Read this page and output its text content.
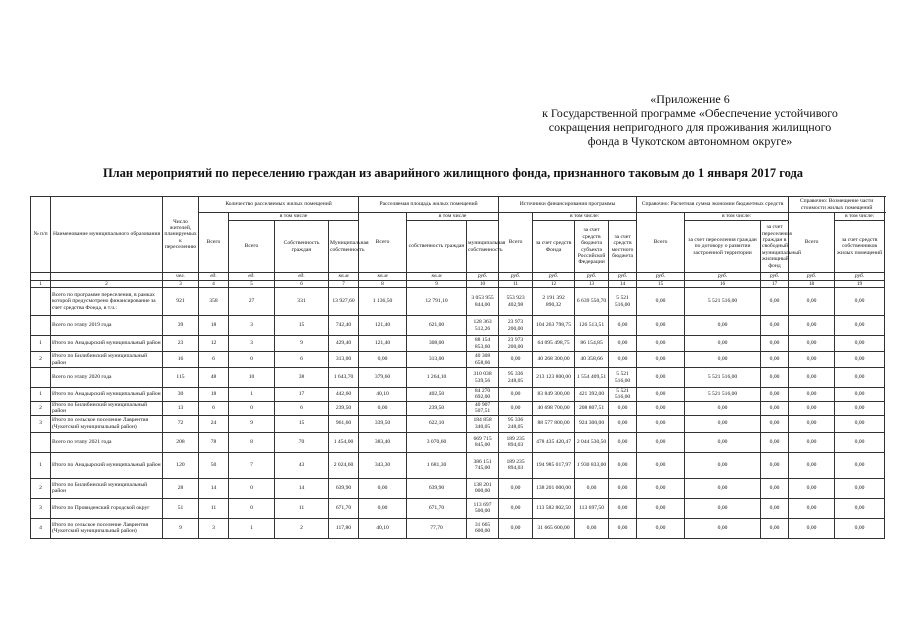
«Приложение 6
к Государственной программе «Обеспечение устойчивого
сокращения непригодного для проживания жилищного
фонда в Чукотском автономном округе»
План мероприятий по переселению граждан из аварийного жилищного фонда, признанного таковым до 1 января 2017 года
№ п/п	Наименование муниципального образования	Число жителей, планируемых к переселению	Количество расселяемых жилых помещений				Расселяемая площадь жилых помещений			Источники финансирования программы				Справочно: Расчетная сумма экономии бюджетных средств			Справочно: Возмещение части стоимости жилых помещений		
			Всего	в том числе			Всего	в том числе		Всего	в том числе:			Всего	в том числе:		Всего	в том числе:	
				Всего	Собственность граждан	Муниципальная собственность		собственность граждан	муниципальная собственность		за счет средств Фонда	за счет средств бюджета субъекта Российской Федерации	за счет средств местного бюджета		за счет переселения граждан по договору о развитии застроенной территории	за счет переселения граждан в свободный муниципальный жилищный фонд		за счет средств собственников жилых помещений	
		чел.	ед.	ед.	ед.	кв.м	кв.м	кв.м	руб.	руб.	руб.	руб.	руб.	руб.	руб.	руб.	руб.	руб.	
1	2	3	4	5	6	7	8	9	10	11	12	13	14	15	16	17	18	19	
	Всего по программе переселения, в рамках которой предусмотрено финансирование за счет средства Фонда, в т.ч.:	921	358	27	331	13 927,60	1 136,50	12 791,10	3 053 955 844,00	553 923 402,98	2 191 392 890,32	6 639 550,70	5 521 516,00	0,00	5 521 516,00	0,00	0,00	0,00	
	Всего по этапу 2019 года	39	18	3	15	742,40	121,40	621,00	128 363 512,26	23 973 200,00	104 263 798,75	126 513,51	0,00	0,00	0,00	0,00	0,00	0,00	
1	Итого по Анадырский муниципальный район	23	12	3	9	429,40	121,40	308,00	88 154 853,60	23 973 200,00	64 095 498,75	86 154,85	0,00	0,00	0,00	0,00	0,00	0,00	
2	Итого по Билибинский муниципальный район	16	6	0	6	313,00	0,00	313,00	40 308 658,66	0,00	40 268 300,00	40 358,66	0,00	0,00	0,00	0,00	0,00	0,00	
	Всего по этапу 2020 года	115	48	10	38	1 643,70	379,60	1 264,10	310 038 539,56	95 336 248,05	213 123 800,00	1 554 409,51	5 521 516,00	0,00	5 521 516,00	0,00	0,00	0,00	
1	Итого по Анадырский муниципальный район	30	18	1	17	442,60	40,10	402,50	84 270 692,00	0,00	83 849 300,00	421 392,00	5 521 516,00	0,00	5 521 516,00	0,00	0,00	0,00	
2	Итого по Билибинский муниципальный район	13	6	0	6	239,50	0,00	239,50	40 907 507,51	0,00	40 698 700,00	208 807,51	0,00	0,00	0,00	0,00	0,00	0,00	
3	Итого по сельское поселение Лаврентия (Чукотский муниципальный район)	72	24	9	15	961,60	339,50	622,10	184 858 340,05	95 336 248,05	88 577 800,00	924 300,00	0,00	0,00	0,00	0,00	0,00	0,00	
	Всего по этапу 2021 года	208	78	8	70	1 454,00	383,40	3 070,60	669 715 845,00	189 235 894,03	478 435 420,47	2 044 530,50	0,00	0,00	0,00	0,00	0,00	0,00	
1	Итого по Анадырский муниципальный район	120	50	7	43	2 024,60	343,30	1 681,30	386 151 745,00	189 235 894,03	194 985 017,97	1 930 833,00	0,00	0,00	0,00	0,00	0,00	0,00	
2	Итого по Билибинский муниципальный район	28	14	0	14	639,90	0,00	639,90	138 201 000,00	0,00	138 201 000,00	0,00	0,00	0,00	0,00	0,00	0,00	0,00	
3	Итого по Провиденский городской округ	51	11	0	11	671,70	0,00	671,70	113 697 500,00	0,00	113 582 802,50	113 697,50	0,00	0,00	0,00	0,00	0,00	0,00	
4	Итого по сельское поселение Лаврентия (Чукотский муниципальный район)	9	3	1	2	117,80	40,10	77,70	31 665 600,00	0,00	31 665 600,00	0,00	0,00	0,00	0,00	0,00	0,00	0,00	
